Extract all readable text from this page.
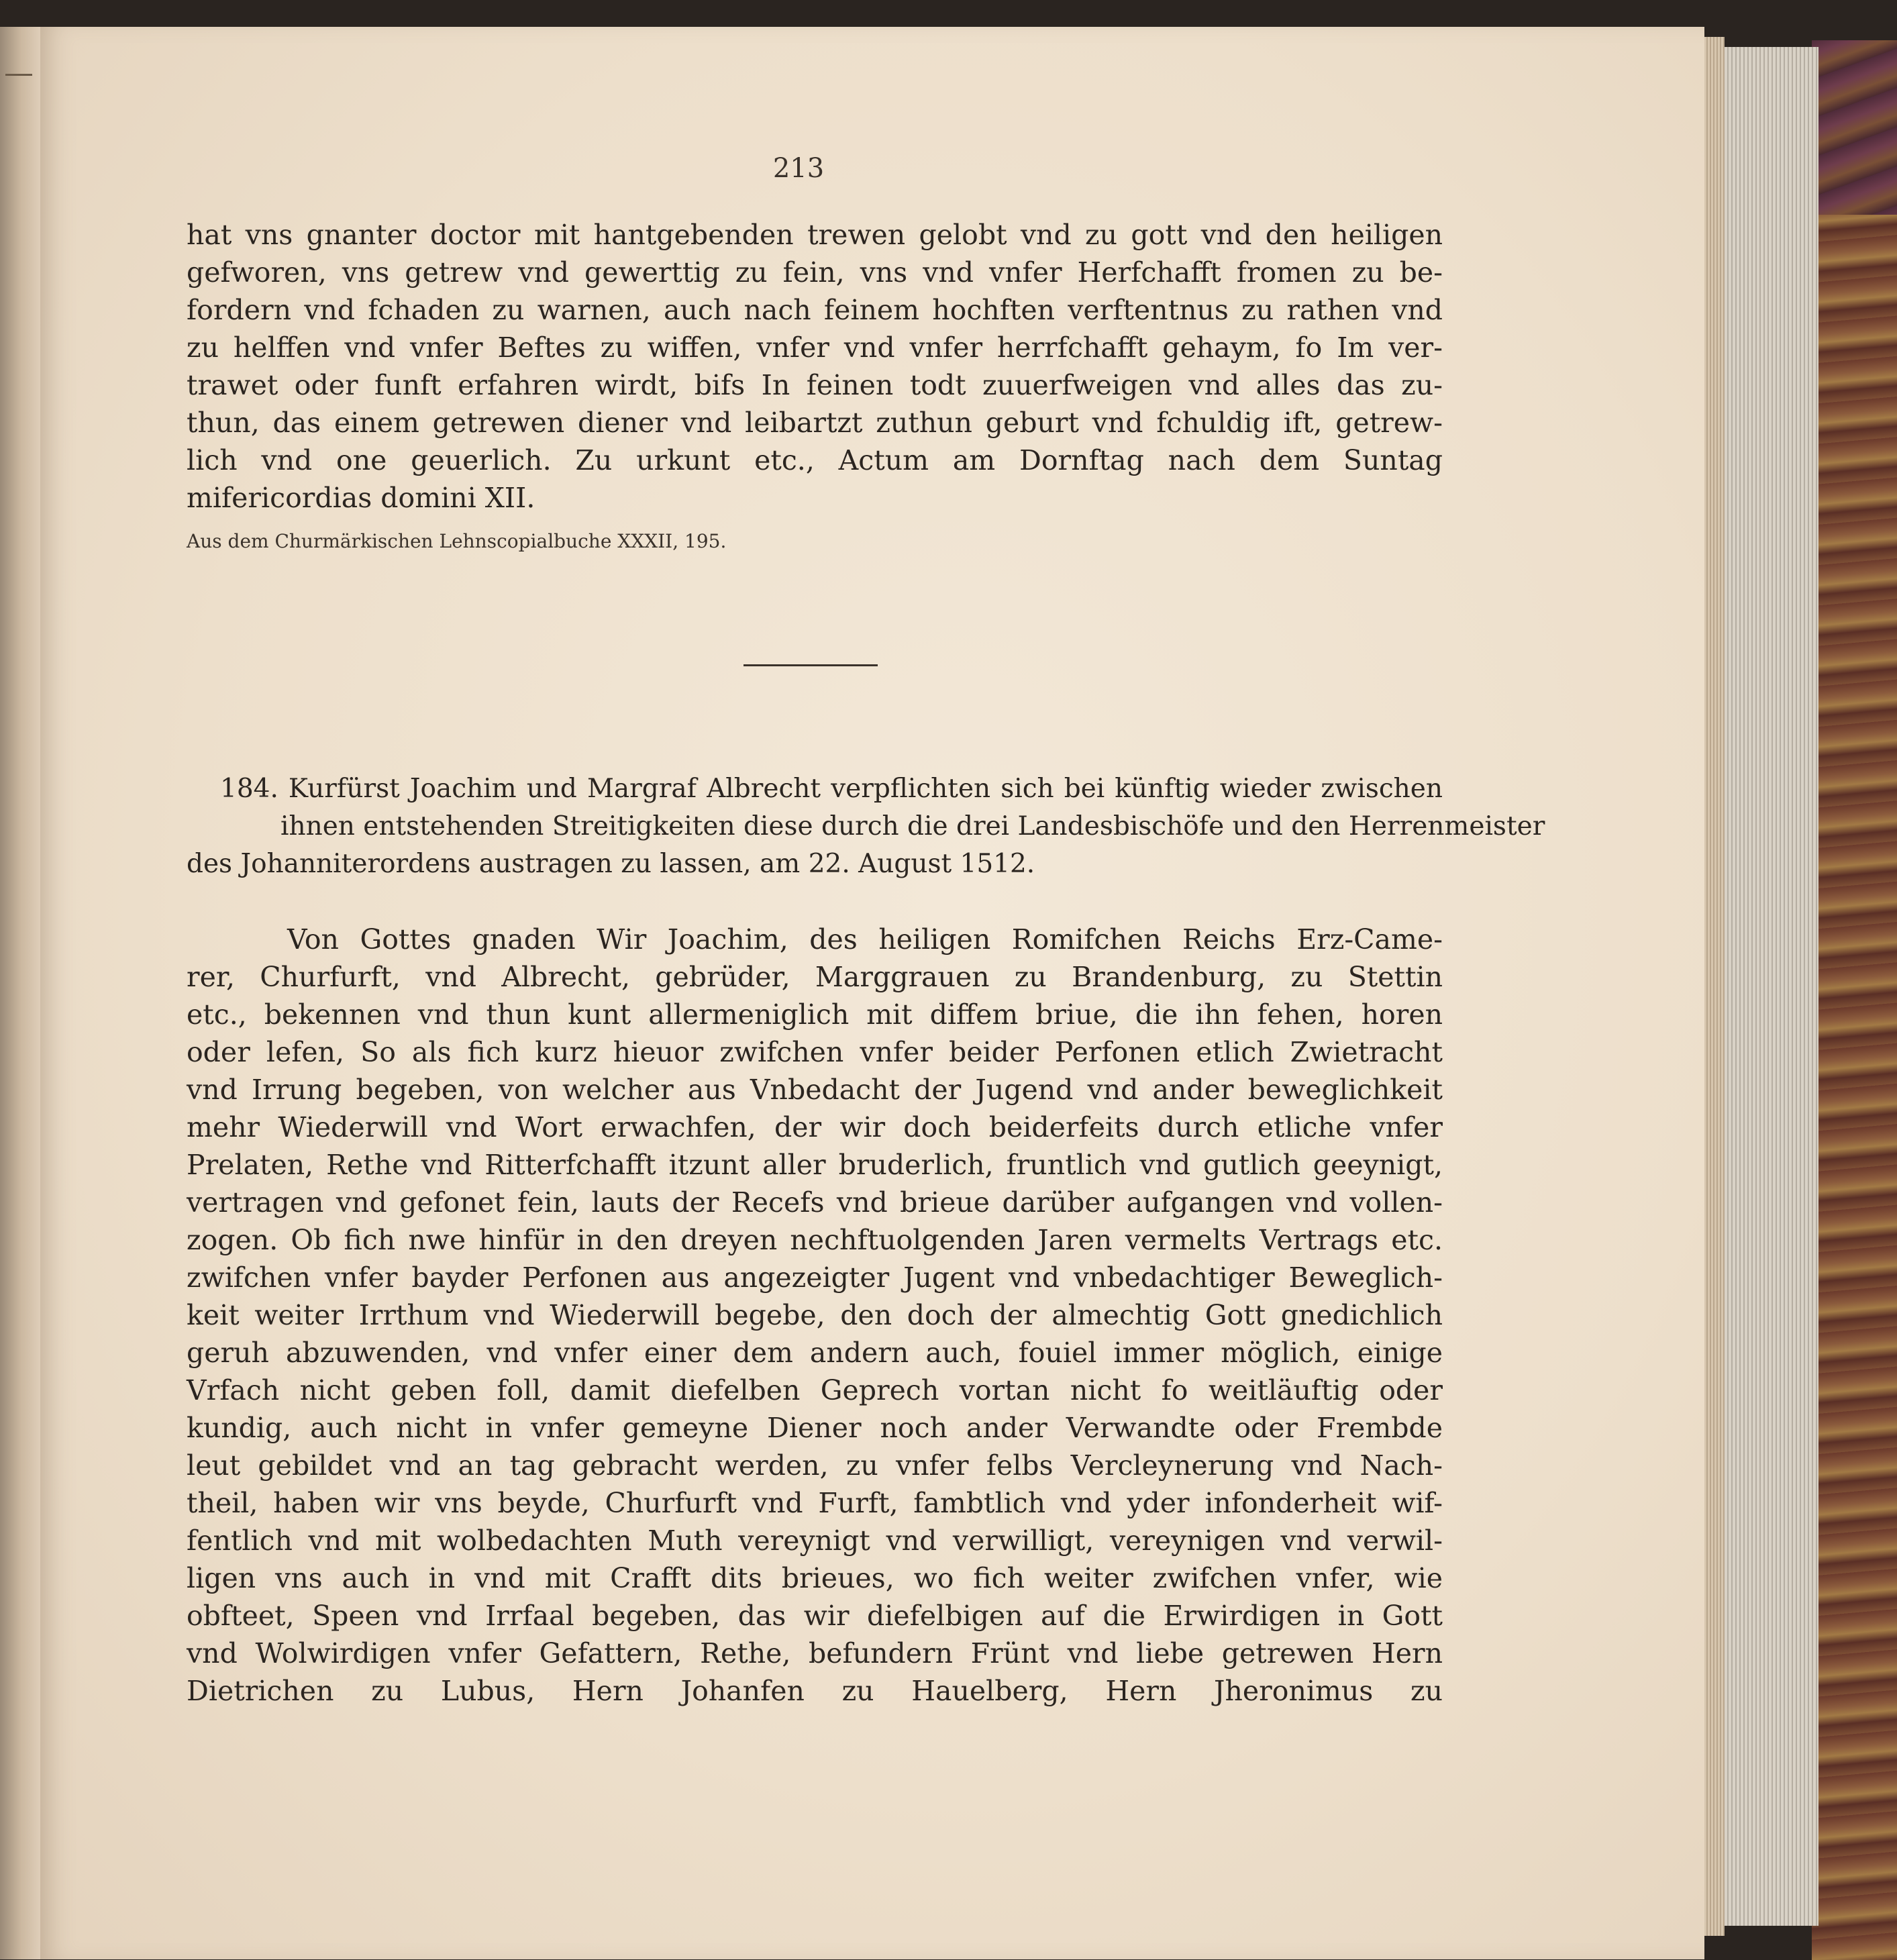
213
hat vns gnanter doctor mit hantgebenden trewen gelobt vnd zu gott vnd den heiligen
gefworen, vns getrew vnd gewerttig zu fein, vns vnd vnfer Herfchafft fromen zu be-
fordern vnd fchaden zu warnen, auch nach feinem hochften verftentnus zu rathen vnd
zu helffen vnd vnfer Beftes zu wiffen, vnfer vnd vnfer herrfchafft gehaym, fo Im ver-
trawet oder funft erfahren wirdt, bifs In feinen todt zuuerfweigen vnd alles das zu-
thun, das einem getrewen diener vnd leibartzt zuthun geburt vnd fchuldig ift, getrew-
lich vnd one geuerlich. Zu urkunt etc., Actum am Dornftag nach dem Suntag
mifericordias domini XII.
Aus dem Churmärkischen Lehnscopialbuche XXXII, 195.
184. Kurfürst Joachim und Margraf Albrecht verpflichten sich bei künftig wieder zwischen
ihnen entstehenden Streitigkeiten diese durch die drei Landesbischöfe und den Herrenmeister
des Johanniterordens austragen zu lassen, am 22. August 1512.
Von Gottes gnaden Wir Joachim, des heiligen Romifchen Reichs Erz-Came-
rer, Churfurft, vnd Albrecht, gebrüder, Marggrauen zu Brandenburg, zu Stettin
etc., bekennen vnd thun kunt allermeniglich mit diffem briue, die ihn fehen, horen
oder lefen, So als fich kurz hieuor zwifchen vnfer beider Perfonen etlich Zwietracht
vnd Irrung begeben, von welcher aus Vnbedacht der Jugend vnd ander beweglichkeit
mehr Wiederwill vnd Wort erwachfen, der wir doch beiderfeits durch etliche vnfer
Prelaten, Rethe vnd Ritterfchafft itzunt aller bruderlich, fruntlich vnd gutlich geeynigt,
vertragen vnd gefonet fein, lauts der Recefs vnd brieue darüber aufgangen vnd vollen-
zogen. Ob fich nwe hinfür in den dreyen nechftuolgenden Jaren vermelts Vertrags etc.
zwifchen vnfer bayder Perfonen aus angezeigter Jugent vnd vnbedachtiger Beweglich-
keit weiter Irrthum vnd Wiederwill begebe, den doch der almechtig Gott gnedichlich
geruh abzuwenden, vnd vnfer einer dem andern auch, fouiel immer möglich, einige
Vrfach nicht geben foll, damit diefelben Geprech vortan nicht fo weitläuftig oder
kundig, auch nicht in vnfer gemeyne Diener noch ander Verwandte oder Frembde
leut gebildet vnd an tag gebracht werden, zu vnfer felbs Vercleynerung vnd Nach-
theil, haben wir vns beyde, Churfurft vnd Furft, fambtlich vnd yder infonderheit wif-
fentlich vnd mit wolbedachten Muth vereynigt vnd verwilligt, vereynigen vnd verwil-
ligen vns auch in vnd mit Crafft dits brieues, wo fich weiter zwifchen vnfer, wie
obfteet, Speen vnd Irrfaal begeben, das wir diefelbigen auf die Erwirdigen in Gott
vnd Wolwirdigen vnfer Gefattern, Rethe, befundern Frünt vnd liebe getrewen Hern
Dietrichen zu Lubus, Hern Johanfen zu Hauelberg, Hern Jheronimus zu
